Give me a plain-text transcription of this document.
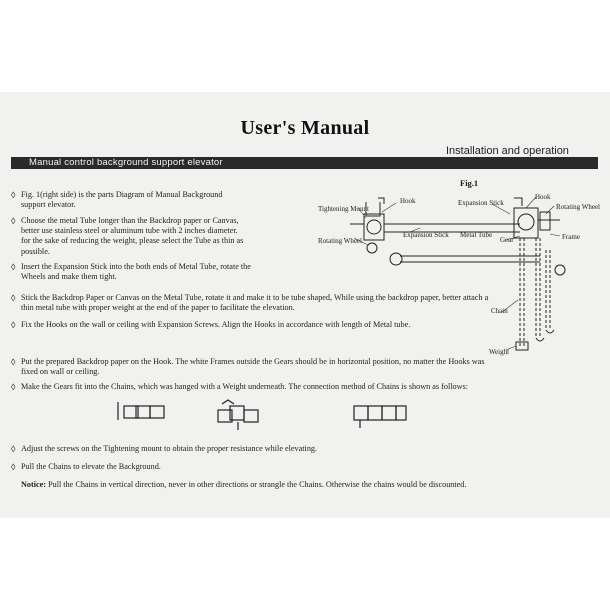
User's Manual
Installation and operation
Manual control background support elevator
◊ Fig. 1(right side) is the parts Diagram of Manual Background support elevator.
◊ Choose the metal Tube longer than the Backdrop paper or Canvas, better use stainless steel or aluminum tube with 2 inches diameter. for the sake of reducing the weight, please select the Tube as thin as possible.
◊ Insert the Expansion Stick into the both ends of Metal Tube, rotate the Wheels and make them tight.
◊ Stick the Backdrop Paper or Canvas on the Metal Tube, rotate it and make it to be tube shaped, While using the backdrop paper, better attach a thin metal tube with proper weight at the end of the paper to facilitate the elevation.
◊ Fix the Hooks on the wall or ceiling with Expansion Screws. Align the Hooks in accordance with length of Metal tube.
◊ Put the prepared Backdrop paper on the Hook. The white Frames outside the Gears should be in horizontal position, no matter the Hooks was fixed on wall or ceiling.
◊ Make the Gears fit into the Chains, which was hanged with a Weight underneath. The connection method of Chains is shown as follows:
◊ Adjust the screws on the Tightening mount to obtain the proper resistance while elevating.
◊ Pull the Chains to elevate the Background.
Notice: Pull the Chains in vertical direction, never in other directions or strangle the Chains. Otherwise the chains would be discounted.
Fig.1
Hook
Tightening Mount
Rotating Wheel
Expansion Stick
Expansion Stick
Metal Tube
Hook
Rotating Wheel
Gear	Frame
Chain
Weight
